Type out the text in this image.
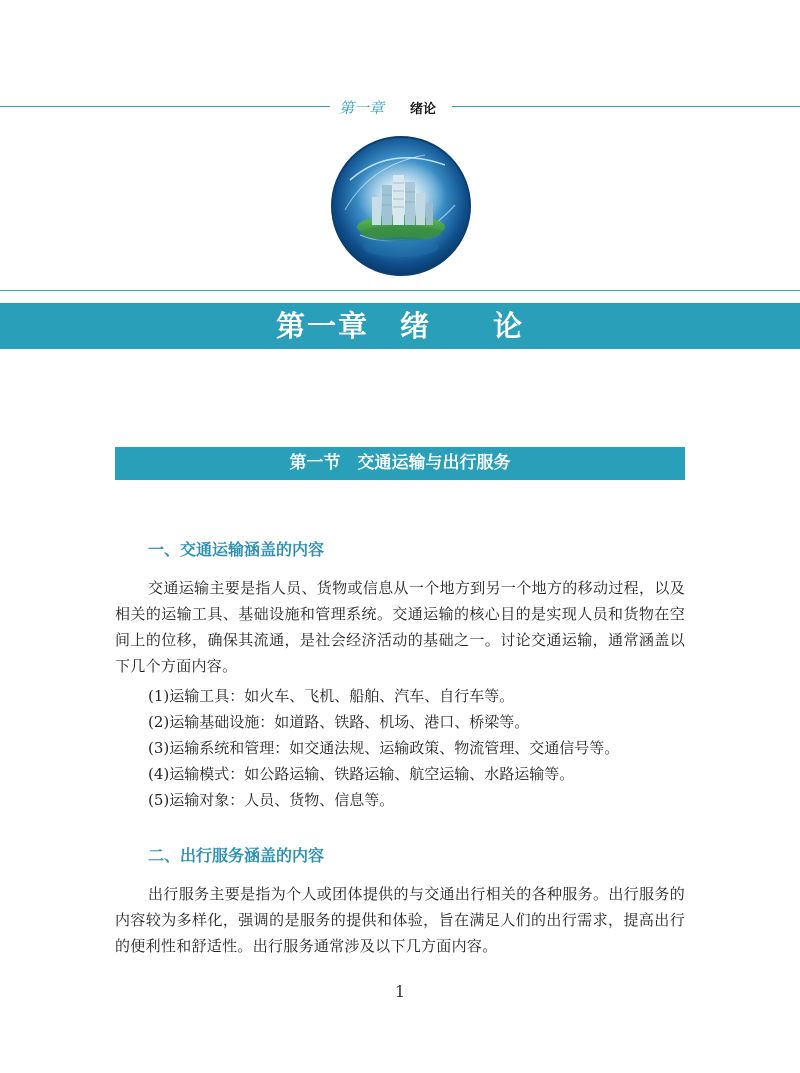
第一章 绪论
第一章　绪　　论
第一节　交通运输与出行服务
一、交通运输涵盖的内容
交通运输主要是指人员、货物或信息从一个地方到另一个地方的移动过程，以及相关的运输工具、基础设施和管理系统。交通运输的核心目的是实现人员和货物在空间上的位移，确保其流通，是社会经济活动的基础之一。讨论交通运输，通常涵盖以下几个方面内容。
(1)运输工具：如火车、飞机、船舶、汽车、自行车等。
(2)运输基础设施：如道路、铁路、机场、港口、桥梁等。
(3)运输系统和管理：如交通法规、运输政策、物流管理、交通信号等。
(4)运输模式：如公路运输、铁路运输、航空运输、水路运输等。
(5)运输对象：人员、货物、信息等。
二、出行服务涵盖的内容
出行服务主要是指为个人或团体提供的与交通出行相关的各种服务。出行服务的内容较为多样化，强调的是服务的提供和体验，旨在满足人们的出行需求，提高出行的便利性和舒适性。出行服务通常涉及以下几方面内容。
1
